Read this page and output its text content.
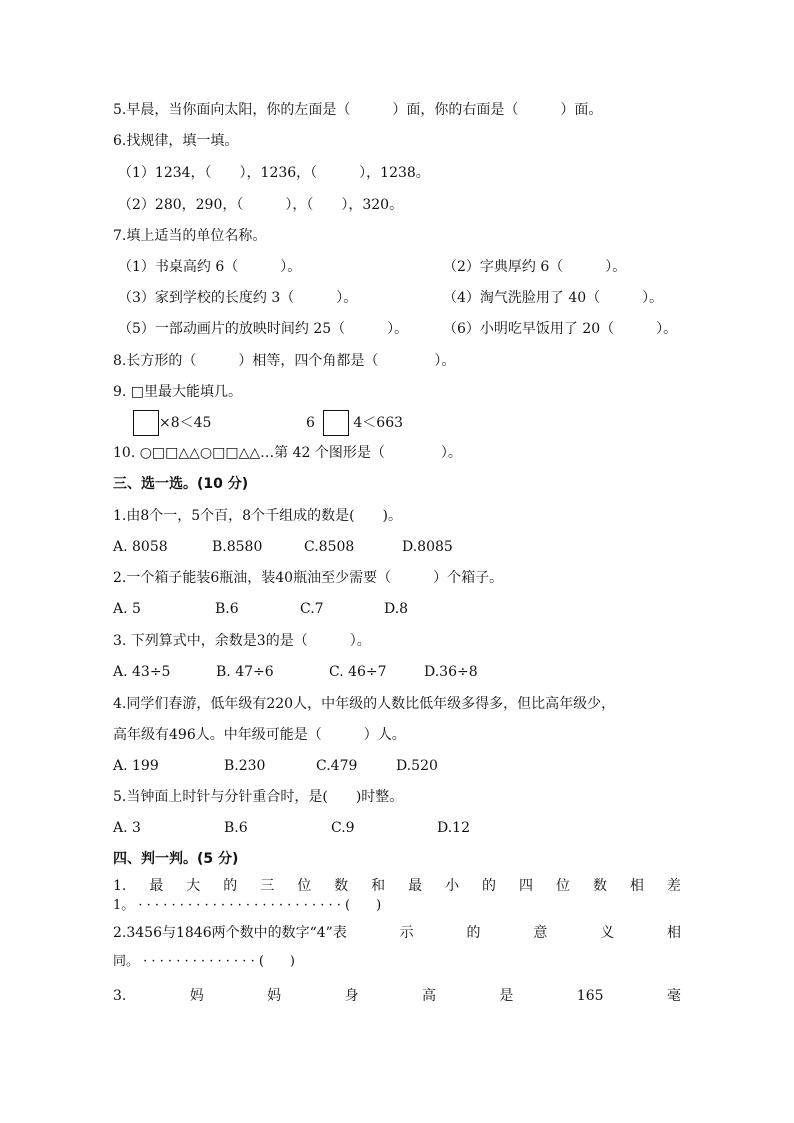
5.早晨，当你面向太阳，你的左面是（　　　）面，你的右面是（　　　）面。
6.找规律，填一填。
（1）1234，（　　），1236，（　　　），1238。
（2）280，290，（　　　），（　　），320。
7.填上适当的单位名称。
（1）书桌高约 6（　　　）。	（2）字典厚约 6（　　　）。
（3）家到学校的长度约 3（　　　）。	（4）淘气洗脸用了 40（　　　）。
（5）一部动画片的放映时间约 25（　　　）。 （6）小明吃早饭用了 20（　　　）。
8.长方形的（　　　）相等，四个角都是（　　　　）。
9. □里最大能填几。
×8＜45	6	4＜663
10. ○□□△△○□□△△…第 42 个图形是（　　　　）。
三、选一选。(10 分)
1.由8个一，5个百，8个千组成的数是(　　)。
A. 8058	B.8580	C.8508	D.8085
2.一个箱子能装6瓶油，装40瓶油至少需要（　　　）个箱子。
A. 5	B.6	C.7	D.8
3. 下列算式中，余数是3的是（　　　）。
A. 43÷5	B. 47÷6	C. 46÷7	D.36÷8
4.同学们春游，低年级有220人，中年级的人数比低年级多得多，但比高年级少，
高年级有496人。中年级可能是（　　　）人。
A. 199	B.230	C.479	D.520
5.当钟面上时针与分针重合时，是(　　)时整。
A. 3	B.6	C.9	D.12
四、判一判。(5 分)
1. 最 大 的 三 位 数 和 最 小 的 四 位 数 相 差
1。 · · · · · · · · · · · · · · · · · · · · · · · · · (　　)
2.3456与1846两个数中的数字“4”表	示	的	意	义	相
同。 · · · · · · · · · · · · · · (　　)
3.	妈	妈	身	高	是	165	毫
